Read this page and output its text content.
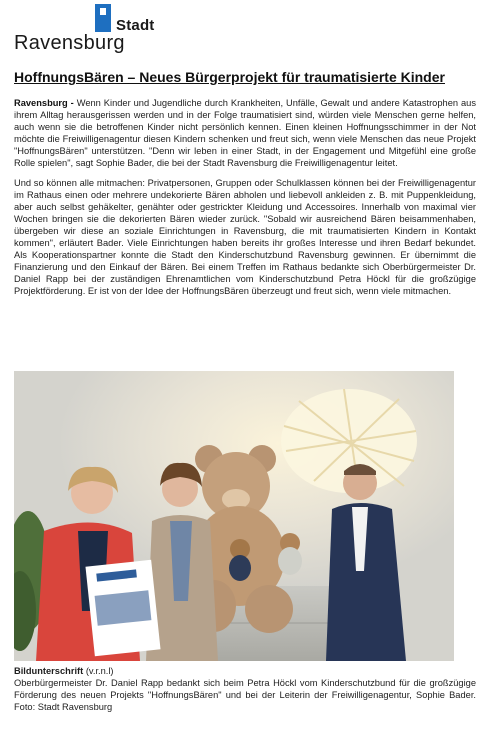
Stadt
Ravensburg
HoffnungsBären – Neues Bürgerprojekt für traumatisierte Kinder

Ravensburg - Wenn Kinder und Jugendliche durch Krankheiten, Unfälle, Gewalt und andere Katastrophen aus ihrem Alltag herausgerissen werden und in der Folge traumatisiert sind, würden viele Menschen gerne helfen, auch wenn sie die betroffenen Kinder nicht persönlich kennen. Einen kleinen Hoffnungsschimmer in der Not möchte die Freiwilligenagentur diesen Kindern schenken und freut sich, wenn viele Menschen das neue Projekt "HoffnungsBären" unterstützen. "Denn wir leben in einer Stadt, in der Engagement und Mitgefühl eine große Rolle spielen", sagt Sophie Bader, die bei der Stadt Ravensburg die Freiwilligenagentur leitet.

Und so können alle mitmachen: Privatpersonen, Gruppen oder Schulklassen können bei der Freiwilligenagentur im Rathaus einen oder mehrere undekorierte Bären abholen und liebevoll ankleiden z. B. mit Puppenkleidung, aber auch selbst gehäkelter, genähter oder gestrickter Kleidung und Accessoires. Innerhalb von maximal vier Wochen bringen sie die dekorierten Bären wieder zurück. "Sobald wir ausreichend Bären beisammenhaben, übergeben wir diese an soziale Einrichtungen in Ravensburg, die mit traumatisierten Kindern in Kontakt kommen", erläutert Bader. Viele Einrichtungen haben bereits ihr großes Interesse und ihren Bedarf bekundet. Als Kooperationspartner konnte die Stadt den Kinderschutzbund Ravensburg gewinnen. Er übernimmt die Finanzierung und den Einkauf der Bären. Bei einem Treffen im Rathaus bedankte sich Oberbürgermeister Dr. Daniel Rapp bei der zuständigen Ehrenamtlichen vom Kinderschutzbund Petra Höckl für die großzügige Projektförderung. Er ist von der Idee der HoffnungsBären überzeugt und freut sich, wenn viele mitmachen.

Bildunterschrift (v.r.n.l)
Oberbürgermeister Dr. Daniel Rapp bedankt sich beim Petra Höckl vom Kinderschutzbund für die großzügige Förderung des neuen Projekts "HoffnungsBären" und bei der Leiterin der Freiwilligenagentur, Sophie Bader. Foto: Stadt Ravensburg
